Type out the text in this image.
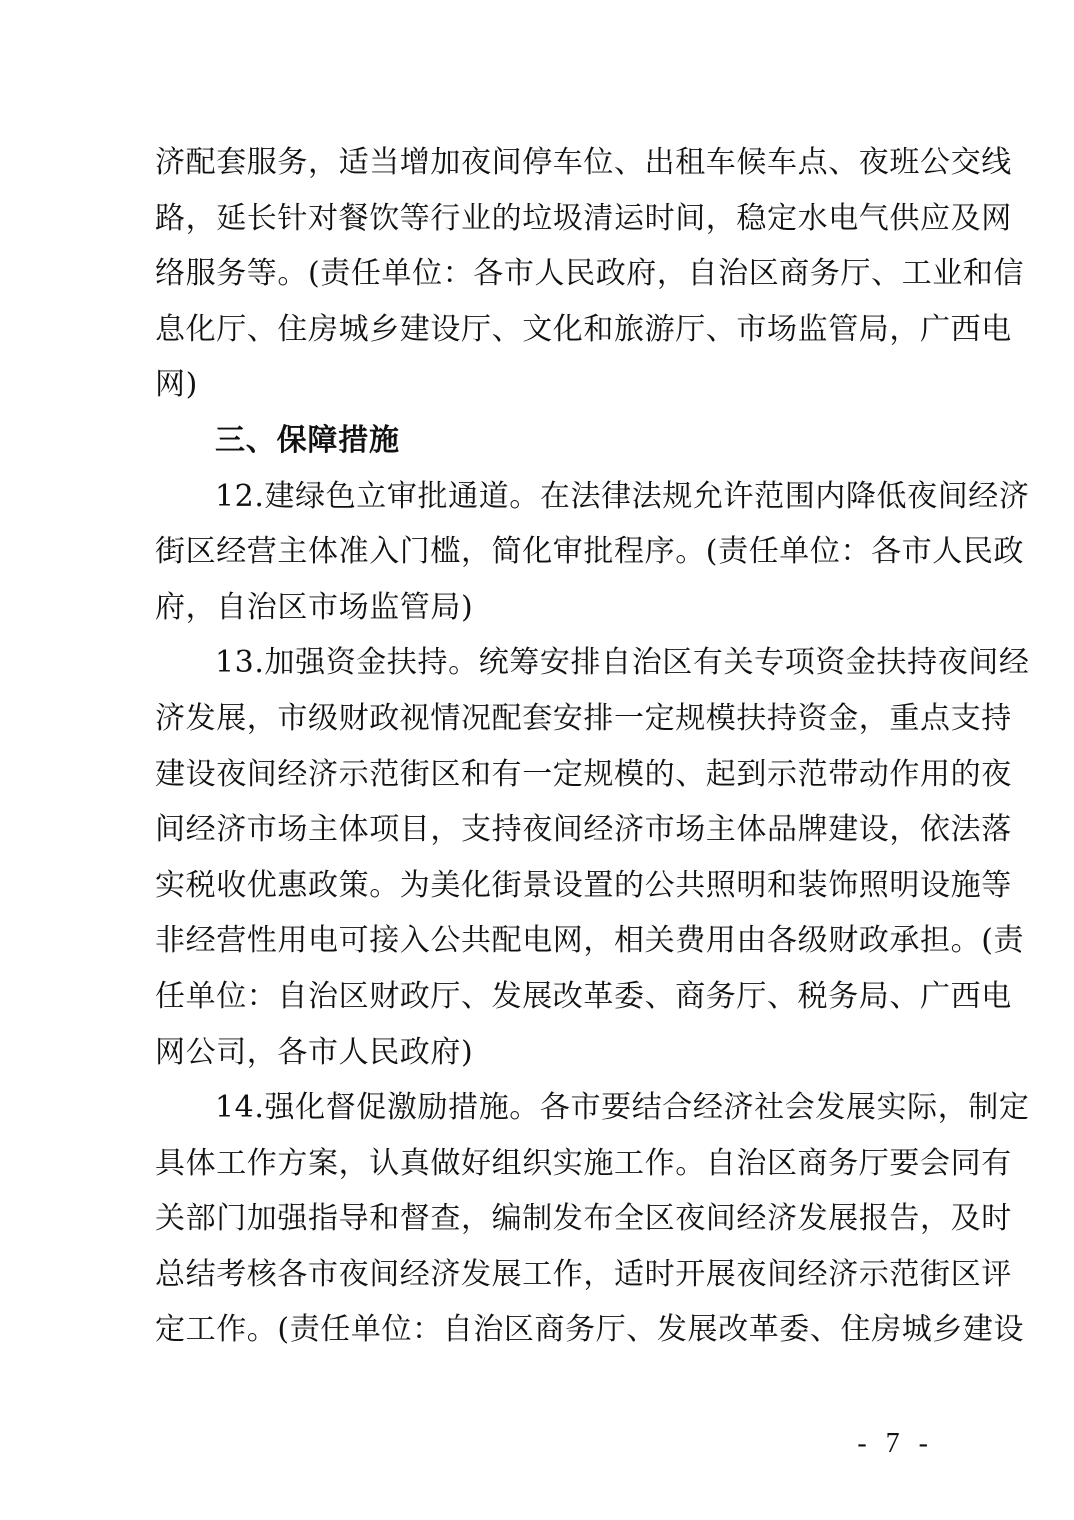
济配套服务，适当增加夜间停车位、出租车候车点、夜班公交线
路，延长针对餐饮等行业的垃圾清运时间，稳定水电气供应及网
络服务等。(责任单位：各市人民政府，自治区商务厅、工业和信
息化厅、住房城乡建设厅、文化和旅游厅、市场监管局，广西电
网)
三、保障措施
12.建绿色立审批通道。在法律法规允许范围内降低夜间经济
街区经营主体准入门槛，简化审批程序。(责任单位：各市人民政
府，自治区市场监管局)
13.加强资金扶持。统筹安排自治区有关专项资金扶持夜间经
济发展，市级财政视情况配套安排一定规模扶持资金，重点支持
建设夜间经济示范街区和有一定规模的、起到示范带动作用的夜
间经济市场主体项目，支持夜间经济市场主体品牌建设，依法落
实税收优惠政策。为美化街景设置的公共照明和装饰照明设施等
非经营性用电可接入公共配电网，相关费用由各级财政承担。(责
任单位：自治区财政厅、发展改革委、商务厅、税务局、广西电
网公司，各市人民政府)
14.强化督促激励措施。各市要结合经济社会发展实际，制定
具体工作方案，认真做好组织实施工作。自治区商务厅要会同有
关部门加强指导和督查，编制发布全区夜间经济发展报告，及时
总结考核各市夜间经济发展工作，适时开展夜间经济示范街区评
定工作。(责任单位：自治区商务厅、发展改革委、住房城乡建设
- 7 -
